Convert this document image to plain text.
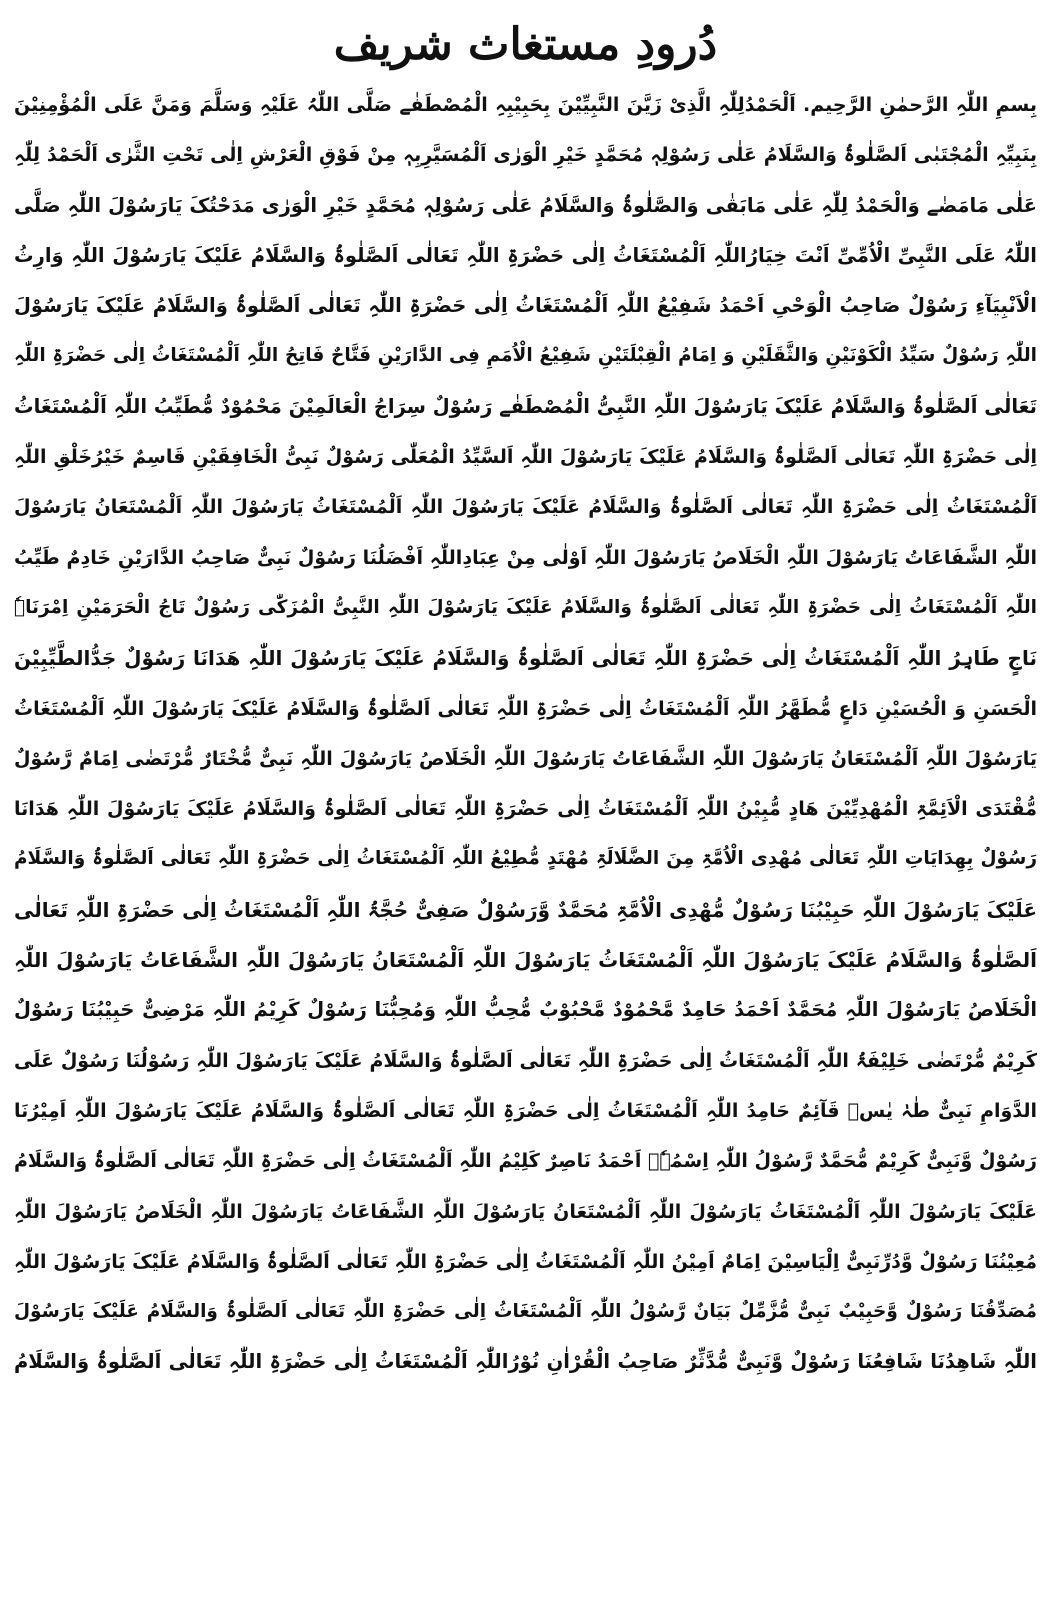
دُرودِ مستغاث شریف
بِسمِ اللّٰہِ الرَّحمٰنِ الرَّحِیم. اَلْحَمْدُلِلّٰہِ الَّذِیْ زَیَّنَ النَّبِیِّیْنَ بِحَبِیْبِہِ الْمُصْطَفٰے صَلَّی اللّٰہُ عَلَیْہِ وَسَلَّمَ وَمَنَّ عَلَی الْمُؤْمِنِیْنَ
بِنَبِیِّہِ الْمُجْتَبٰی اَلصَّلٰوۃُ وَالسَّلَامُ عَلٰی رَسُوْلِہٖ مُحَمَّدٍ خَیْرِ الْوَرٰی اَلْمُسَیَّرِبِہٖ مِنْ فَوْقِ الْعَرْشِ اِلٰی تَحْتِ الثَّرٰی اَلْحَمْدُ لِلّٰہِ
عَلٰی مَامَضٰے وَالْحَمْدُ لِلّٰہِ عَلٰی مَابَقٰی وَالصَّلٰوۃُ وَالسَّلَامُ عَلٰی رَسُوْلِہٖ مُحَمَّدٍ خَیْرِ الْوَرٰی مَدَحْتُکَ یَارَسُوْلَ اللّٰہِ صَلَّی
اللّٰہُ عَلَی النَّبِیِّ الْاُمِّیِّ اَنْتَ خِیَارُاللّٰہِ اَلْمُسْتَغَاثُ اِلٰی حَضْرَۃِ اللّٰہِ تَعَالٰی اَلصَّلٰوۃُ وَالسَّلَامُ عَلَیْکَ یَارَسُوْلَ اللّٰہِ وَارِثُ
الْاَنْبِیَآءِ رَسُوْلٌ صَاحِبُ الْوَحْیِ اَحْمَدُ شَفِیْعُ اللّٰہِ اَلْمُسْتَغَاثُ اِلٰی حَضْرَۃِ اللّٰہِ تَعَالٰی اَلصَّلٰوۃُ وَالسَّلَامُ عَلَیْکَ یَارَسُوْلَ
اللّٰہِ رَسُوْلٌ سَیِّدُ الْکَوْنَیْنِ وَالثَّقَلَیْنِ وَ اِمَامُ الْقِبْلَتَیْنِ شَفِیْعُ الْاُمَمِ فِی الدَّارَیْنِ فَتَّاحٌ فَاتِحُ اللّٰہِ اَلْمُسْتَغَاثُ اِلٰی حَضْرَۃِ اللّٰہِ
تَعَالٰی اَلصَّلٰوۃُ وَالسَّلَامُ عَلَیْکَ یَارَسُوْلَ اللّٰہِ النَّبِیُّ الْمُصْطَفٰے رَسُوْلٌ سِرَاجُ الْعَالَمِیْنَ مَحْمُوْدٌ مُّطَیِّبُ اللّٰہِ اَلْمُسْتَغَاثُ
اِلٰی حَضْرَۃِ اللّٰہِ تَعَالٰی اَلصَّلٰوۃُ وَالسَّلَامُ عَلَیْکَ یَارَسُوْلَ اللّٰہِ اَلسَّیِّدُ الْمُعَلّٰی رَسُوْلٌ نَبِیُّ الْخَافِقَیْنِ قَاسِمٌ خَیْرُخَلْقِ اللّٰہِ
اَلْمُسْتَغَاثُ اِلٰی حَضْرَۃِ اللّٰہِ تَعَالٰی اَلصَّلٰوۃُ وَالسَّلَامُ عَلَیْکَ یَارَسُوْلَ اللّٰہِ اَلْمُسْتَغَاثُ یَارَسُوْلَ اللّٰہِ اَلْمُسْتَعَانُ یَارَسُوْلَ
اللّٰہِ الشَّفَاعَاتُ یَارَسُوْلَ اللّٰہِ الْخَلَاصُ یَارَسُوْلَ اللّٰہِ اَوْلٰی مِنْ عِبَادِاللّٰہِ اَفْضَلُنَا رَسُوْلٌ نَبِیٌّ صَاحِبُ الدَّارَیْنِ خَادِمٌ طَیِّبُ
اللّٰہِ اَلْمُسْتَغَاثُ اِلٰی حَضْرَۃِ اللّٰہِ تَعَالٰی اَلصَّلٰوۃُ وَالسَّلَامُ عَلَیْکَ یَارَسُوْلَ اللّٰہِ النَّبِیُّ الْمُزَکّٰی رَسُوْلٌ تَاجُ الْحَرَمَیْنِ اِمْرَنَاہٗ
نَاجٍ طَاہِرُ اللّٰہِ اَلْمُسْتَغَاثُ اِلٰی حَضْرَۃِ اللّٰہِ تَعَالٰی اَلصَّلٰوۃُ وَالسَّلَامُ عَلَیْکَ یَارَسُوْلَ اللّٰہِ ھَدَانَا رَسُوْلٌ جَدُّالطَّیِّبِیْنَ
الْحَسَنِ وَ الْحُسَیْنِ دَاعٍ مُّطَھَّرُ اللّٰہِ اَلْمُسْتَغَاثُ اِلٰی حَضْرَۃِ اللّٰہِ تَعَالٰی اَلصَّلٰوۃُ وَالسَّلَامُ عَلَیْکَ یَارَسُوْلَ اللّٰہِ اَلْمُسْتَغَاثُ
یَارَسُوْلَ اللّٰہِ اَلْمُسْتَعَانُ یَارَسُوْلَ اللّٰہِ الشَّفَاعَاتُ یَارَسُوْلَ اللّٰہِ الْخَلَاصُ یَارَسُوْلَ اللّٰہِ نَبِیٌّ مُّخْتَارٌ مُّرْتَضٰی اِمَامٌ رَّسُوْلٌ
مُّقْتَدَی الْاَئِمَّۃِ الْمُھْدِیِّیْنَ ھَادٍ مُّبِیْنُ اللّٰہِ اَلْمُسْتَغَاثُ اِلٰی حَضْرَۃِ اللّٰہِ تَعَالٰی اَلصَّلٰوۃُ وَالسَّلَامُ عَلَیْکَ یَارَسُوْلَ اللّٰہِ ھَدَانَا
رَسُوْلٌ بِھِدَایَاتِ اللّٰہِ تَعَالٰی مُھْدِی الْاُمَّۃِ مِنَ الضَّلَالَۃِ مُھْتَدٍ مُّطِیْعُ اللّٰہِ اَلْمُسْتَغَاثُ اِلٰی حَضْرَۃِ اللّٰہِ تَعَالٰی اَلصَّلٰوۃُ وَالسَّلَامُ
عَلَیْکَ یَارَسُوْلَ اللّٰہِ حَبِیْبُنَا رَسُوْلٌ مُّھْدِی الْاُمَّۃِ مُحَمَّدٌ وَّرَسُوْلٌ صَفِیٌّ حُجَّۃُ اللّٰہِ اَلْمُسْتَغَاثُ اِلٰی حَضْرَۃِ اللّٰہِ تَعَالٰی
اَلصَّلٰوۃُ وَالسَّلَامُ عَلَیْکَ یَارَسُوْلَ اللّٰہِ اَلْمُسْتَغَاثُ یَارَسُوْلَ اللّٰہِ اَلْمُسْتَعَانُ یَارَسُوْلَ اللّٰہِ الشَّفَاعَاتُ یَارَسُوْلَ اللّٰہِ
الْخَلَاصُ یَارَسُوْلَ اللّٰہِ مُحَمَّدٌ اَحْمَدُ حَامِدٌ مَّحْمُوْدٌ مَّحْبُوْبٌ مُّحِبُّ اللّٰہِ وَمُحِبُّنَا رَسُوْلٌ کَرِیْمُ اللّٰہِ مَرْضِیٌّ حَبِیْبُنَا رَسُوْلٌ
کَرِیْمٌ مُّرْتَضٰی خَلِیْفَۃُ اللّٰہِ اَلْمُسْتَغَاثُ اِلٰی حَضْرَۃِ اللّٰہِ تَعَالٰی اَلصَّلٰوۃُ وَالسَّلَامُ عَلَیْکَ یَارَسُوْلَ اللّٰہِ رَسُوْلُنَا رَسُوْلٌ عَلَی
الدَّوَامِ نَبِیٌّ طٰہٰ یٰسۤ قَآئِمٌ حَامِدُ اللّٰہِ اَلْمُسْتَغَاثُ اِلٰی حَضْرَۃِ اللّٰہِ تَعَالٰی اَلصَّلٰوۃُ وَالسَّلَامُ عَلَیْکَ یَارَسُوْلَ اللّٰہِ اَمِیْرُنَا
رَسُوْلٌ وَّنَبِیٌّ کَرِیْمٌ مُّحَمَّدٌ رَّسُوْلُ اللّٰہِ اِسْمُہٗۤ اَحْمَدُ نَاصِرٌ کَلِیْمُ اللّٰہِ اَلْمُسْتَغَاثُ اِلٰی حَضْرَۃِ اللّٰہِ تَعَالٰی اَلصَّلٰوۃُ وَالسَّلَامُ
عَلَیْکَ یَارَسُوْلَ اللّٰہِ اَلْمُسْتَغَاثُ یَارَسُوْلَ اللّٰہِ اَلْمُسْتَعَانُ یَارَسُوْلَ اللّٰہِ الشَّفَاعَاتُ یَارَسُوْلَ اللّٰہِ الْخَلَاصُ یَارَسُوْلَ اللّٰہِ
مُعِیْنُنَا رَسُوْلٌ وَّدُرِّنَبِیٌّ اِلْیَاسِیْنَ اِمَامٌ اَمِیْنُ اللّٰہِ اَلْمُسْتَغَاثُ اِلٰی حَضْرَۃِ اللّٰہِ تَعَالٰی اَلصَّلٰوۃُ وَالسَّلَامُ عَلَیْکَ یَارَسُوْلَ اللّٰہِ
مُصَدِّقُنَا رَسُوْلٌ وَّحَبِیْبٌ نَبِیٌّ مُّزَّمِّلٌ بَیَانٌ رَّسُوْلُ اللّٰہِ اَلْمُسْتَغَاثُ اِلٰی حَضْرَۃِ اللّٰہِ تَعَالٰی اَلصَّلٰوۃُ وَالسَّلَامُ عَلَیْکَ یَارَسُوْلَ
اللّٰہِ شَاھِدُنَا شَافِعُنَا رَسُوْلٌ وَّنَبِیٌّ مُّدَّثِّرٌ صَاحِبُ الْقُرْاٰنِ نُوْرُاللّٰہِ اَلْمُسْتَغَاثُ اِلٰی حَضْرَۃِ اللّٰہِ تَعَالٰی اَلصَّلٰوۃُ وَالسَّلَامُ
